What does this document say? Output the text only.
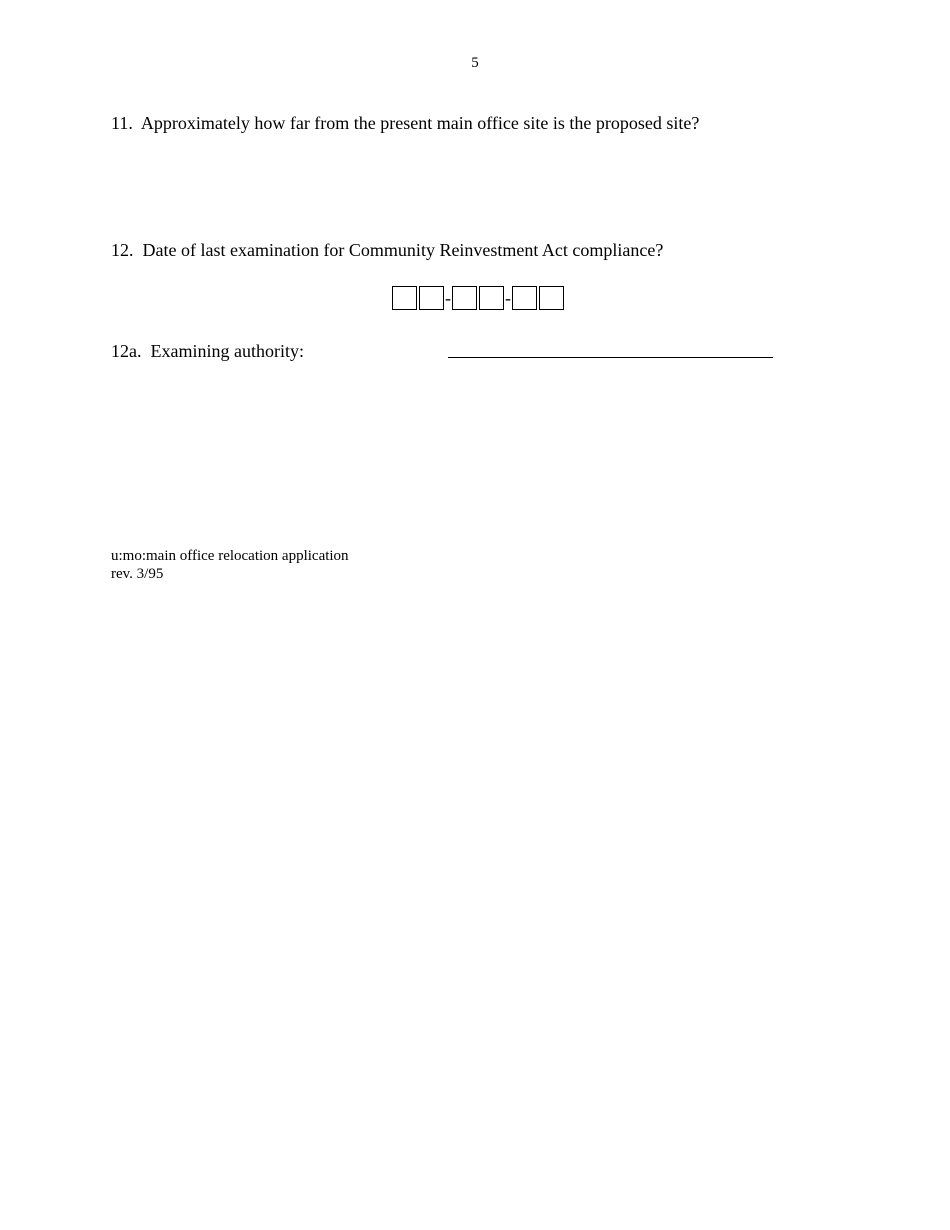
5
11. Approximately how far from the present main office site is the proposed site?
12. Date of last examination for Community Reinvestment Act compliance?
-	-
12a. Examining authority:
u:mo:main office relocation application
rev. 3/95
